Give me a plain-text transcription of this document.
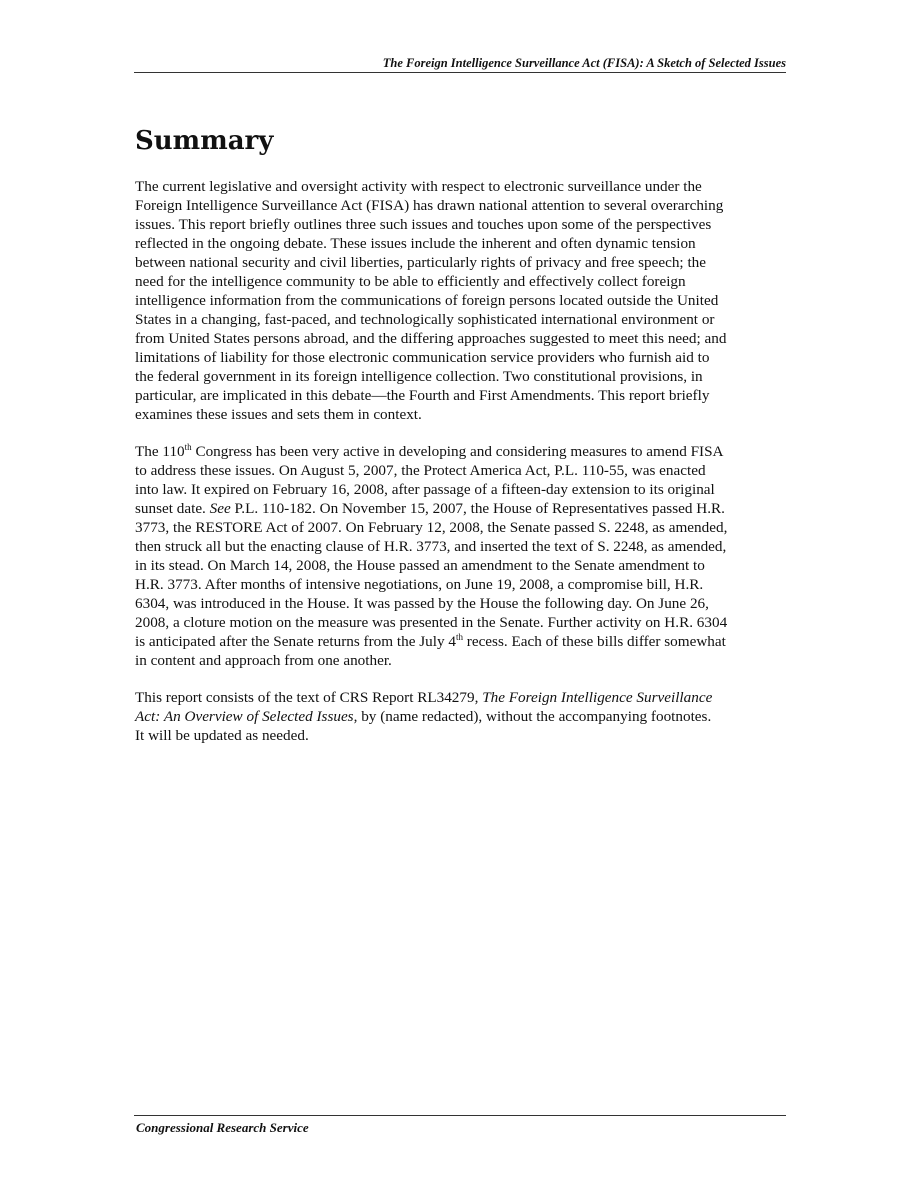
The Foreign Intelligence Surveillance Act (FISA): A Sketch of Selected Issues
Summary

The current legislative and oversight activity with respect to electronic surveillance under the
Foreign Intelligence Surveillance Act (FISA) has drawn national attention to several overarching
issues. This report briefly outlines three such issues and touches upon some of the perspectives
reflected in the ongoing debate. These issues include the inherent and often dynamic tension
between national security and civil liberties, particularly rights of privacy and free speech; the
need for the intelligence community to be able to efficiently and effectively collect foreign
intelligence information from the communications of foreign persons located outside the United
States in a changing, fast-paced, and technologically sophisticated international environment or
from United States persons abroad, and the differing approaches suggested to meet this need; and
limitations of liability for those electronic communication service providers who furnish aid to
the federal government in its foreign intelligence collection. Two constitutional provisions, in
particular, are implicated in this debate—the Fourth and First Amendments. This report briefly
examines these issues and sets them in context.

The 110th Congress has been very active in developing and considering measures to amend FISA
to address these issues. On August 5, 2007, the Protect America Act, P.L. 110-55, was enacted
into law. It expired on February 16, 2008, after passage of a fifteen-day extension to its original
sunset date. See P.L. 110-182. On November 15, 2007, the House of Representatives passed H.R.
3773, the RESTORE Act of 2007. On February 12, 2008, the Senate passed S. 2248, as amended,
then struck all but the enacting clause of H.R. 3773, and inserted the text of S. 2248, as amended,
in its stead. On March 14, 2008, the House passed an amendment to the Senate amendment to
H.R. 3773. After months of intensive negotiations, on June 19, 2008, a compromise bill, H.R.
6304, was introduced in the House. It was passed by the House the following day. On June 26,
2008, a cloture motion on the measure was presented in the Senate. Further activity on H.R. 6304
is anticipated after the Senate returns from the July 4th recess. Each of these bills differ somewhat
in content and approach from one another.

This report consists of the text of CRS Report RL34279, The Foreign Intelligence Surveillance
Act: An Overview of Selected Issues, by (name redacted), without the accompanying footnotes.
It will be updated as needed.

Congressional Research Service
